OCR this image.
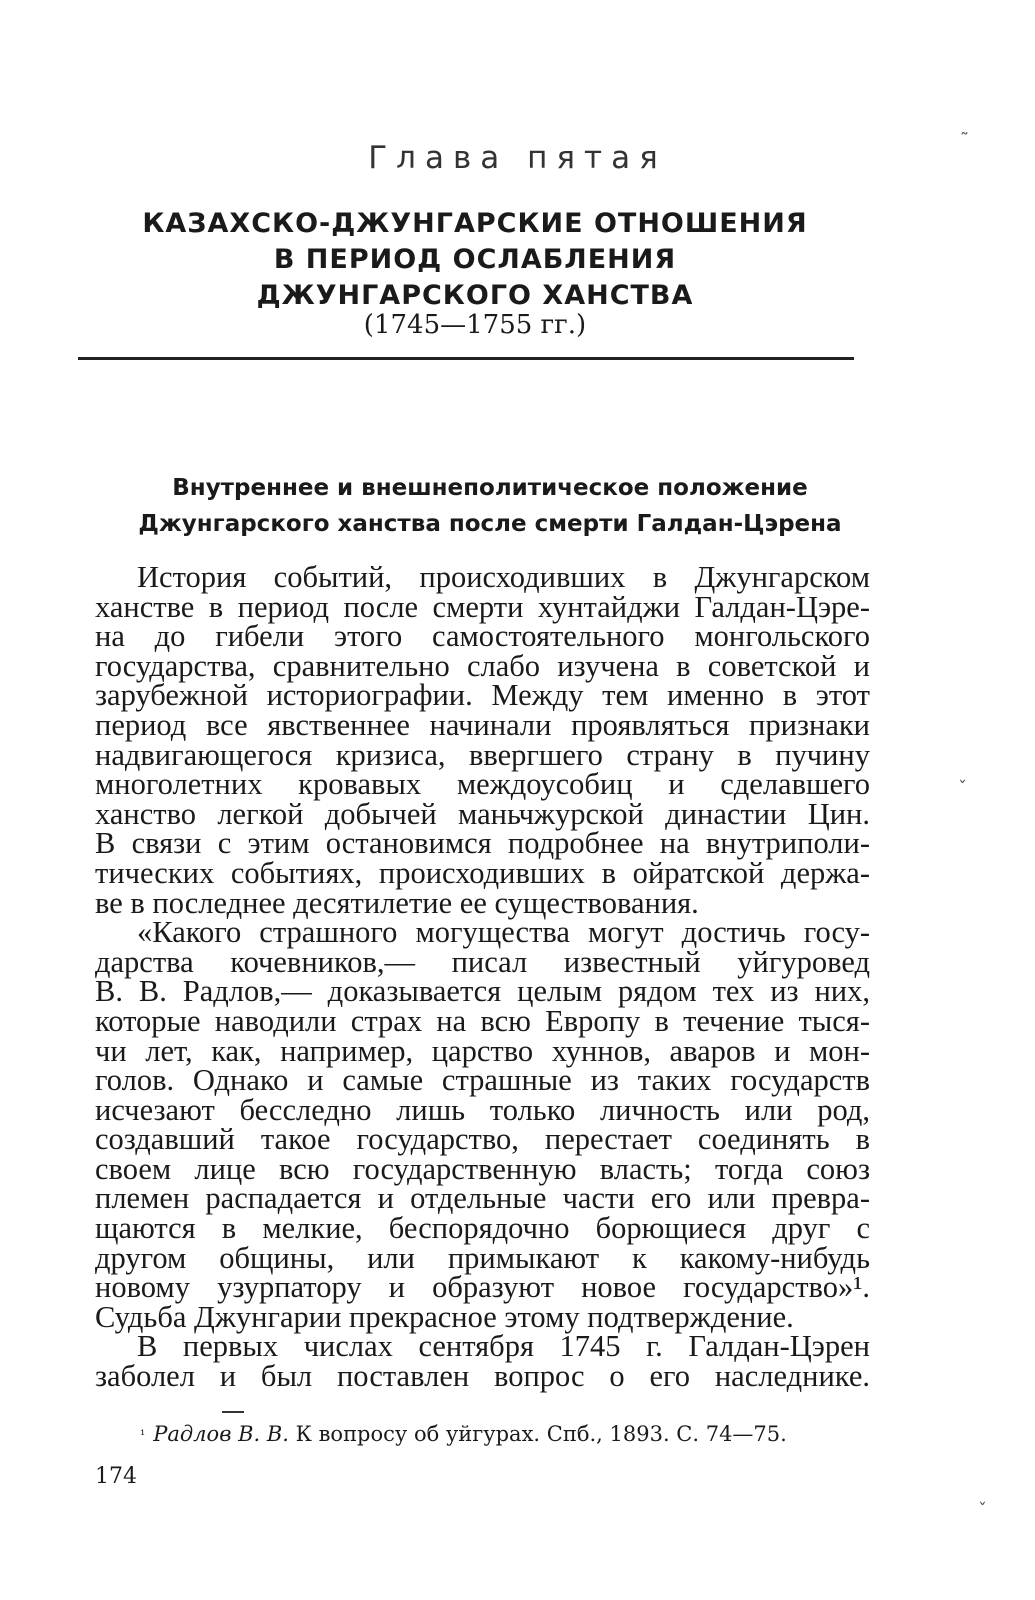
Глава пятая
КАЗАХСКО-ДЖУНГАРСКИЕ ОТНОШЕНИЯ
В ПЕРИОД ОСЛАБЛЕНИЯ
ДЖУНГАРСКОГО ХАНСТВА
(1745—1755 гг.)
Внутреннее и внешнеполитическое положение
Джунгарского ханства после смерти Галдан-Цэрена
История событий, происходивших в Джунгарском
ханстве в период после смерти хунтайджи Галдан-Цэре-
на до гибели этого самостоятельного монгольского
государства, сравнительно слабо изучена в советской и
зарубежной историографии. Между тем именно в этот
период все явственнее начинали проявляться признаки
надвигающегося кризиса, ввергшего страну в пучину
многолетних кровавых междоусобиц и сделавшего
ханство легкой добычей маньчжурской династии Цин.
В связи с этим остановимся подробнее на внутриполи-
тических событиях, происходивших в ойратской держа-
ве в последнее десятилетие ее существования.
«Какого страшного могущества могут достичь госу-
дарства кочевников,— писал известный уйгуровед
В. В. Радлов,— доказывается целым рядом тех из них,
которые наводили страх на всю Европу в течение тыся-
чи лет, как, например, царство хуннов, аваров и мон-
голов. Однако и самые страшные из таких государств
исчезают бесследно лишь только личность или род,
создавший такое государство, перестает соединять в
своем лице всю государственную власть; тогда союз
племен распадается и отдельные части его или превра-
щаются в мелкие, беспорядочно борющиеся друг с
другом общины, или примыкают к какому-нибудь
новому узурпатору и образуют новое государство»¹.
Судьба Джунгарии прекрасное этому подтверждение.
В первых числах сентября 1745 г. Галдан-Цэрен
заболел и был поставлен вопрос о его наследнике.
$^{^1}$ Радлов В. В. К вопросу об уйгурах. Спб., 1893. С. 74—75.
174
˜
ˇ
ˇ
